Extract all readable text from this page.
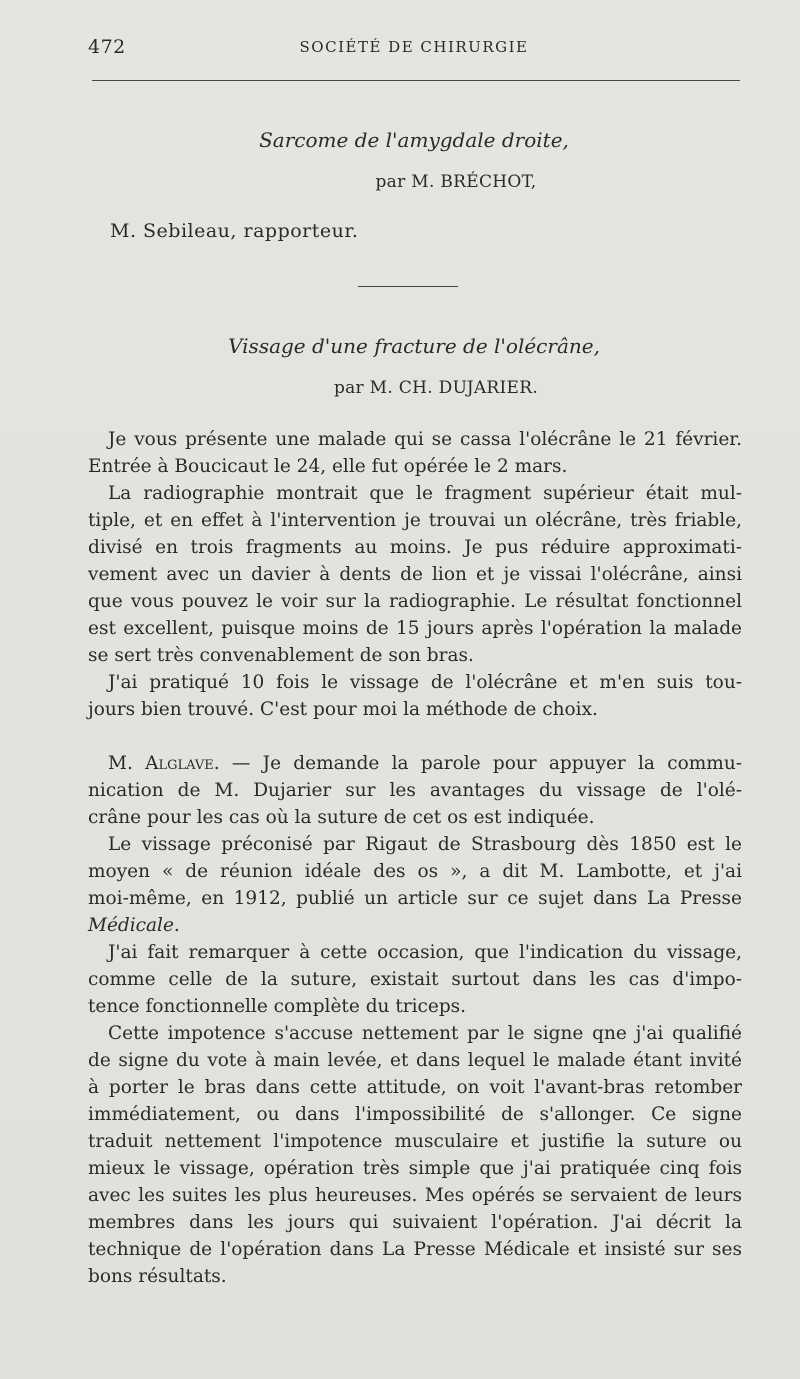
472	SOCIÉTÉ DE CHIRURGIE
Sarcome de l'amygdale droite,
par M. BRÉCHOT,
M. Sebileau, rapporteur.
Vissage d'une fracture de l'olécrâne,
par M. CH. DUJARIER.

Je vous présente une malade qui se cassa l'olécrâne le 21 février.
Entrée à Boucicaut le 24, elle fut opérée le 2 mars.

La radiographie montrait que le fragment supérieur était mul-
tiple, et en effet à l'intervention je trouvai un olécrâne, très friable,
divisé en trois fragments au moins. Je pus réduire approximati-
vement avec un davier à dents de lion et je vissai l'olécrâne, ainsi
que vous pouvez le voir sur la radiographie. Le résultat fonctionnel
est excellent, puisque moins de 15 jours après l'opération la malade
se sert très convenablement de son bras.

J'ai pratiqué 10 fois le vissage de l'olécrâne et m'en suis tou-
jours bien trouvé. C'est pour moi la méthode de choix.

M. Alglave. — Je demande la parole pour appuyer la commu-
nication de M. Dujarier sur les avantages du vissage de l'olé-
crâne pour les cas où la suture de cet os est indiquée.

Le vissage préconisé par Rigaut de Strasbourg dès 1850 est le
moyen « de réunion idéale des os », a dit M. Lambotte, et j'ai
moi-même, en 1912, publié un article sur ce sujet dans La Presse
Médicale.

J'ai fait remarquer à cette occasion, que l'indication du vissage,
comme celle de la suture, existait surtout dans les cas d'impo-
tence fonctionnelle complète du triceps.

Cette impotence s'accuse nettement par le signe qne j'ai qualifié
de signe du vote à main levée, et dans lequel le malade étant invité
à porter le bras dans cette attitude, on voit l'avant-bras retomber
immédiatement, ou dans l'impossibilité de s'allonger. Ce signe
traduit nettement l'impotence musculaire et justifie la suture ou
mieux le vissage, opération très simple que j'ai pratiquée cinq fois
avec les suites les plus heureuses. Mes opérés se servaient de leurs
membres dans les jours qui suivaient l'opération. J'ai décrit la
technique de l'opération dans La Presse Médicale et insisté sur ses
bons résultats.
